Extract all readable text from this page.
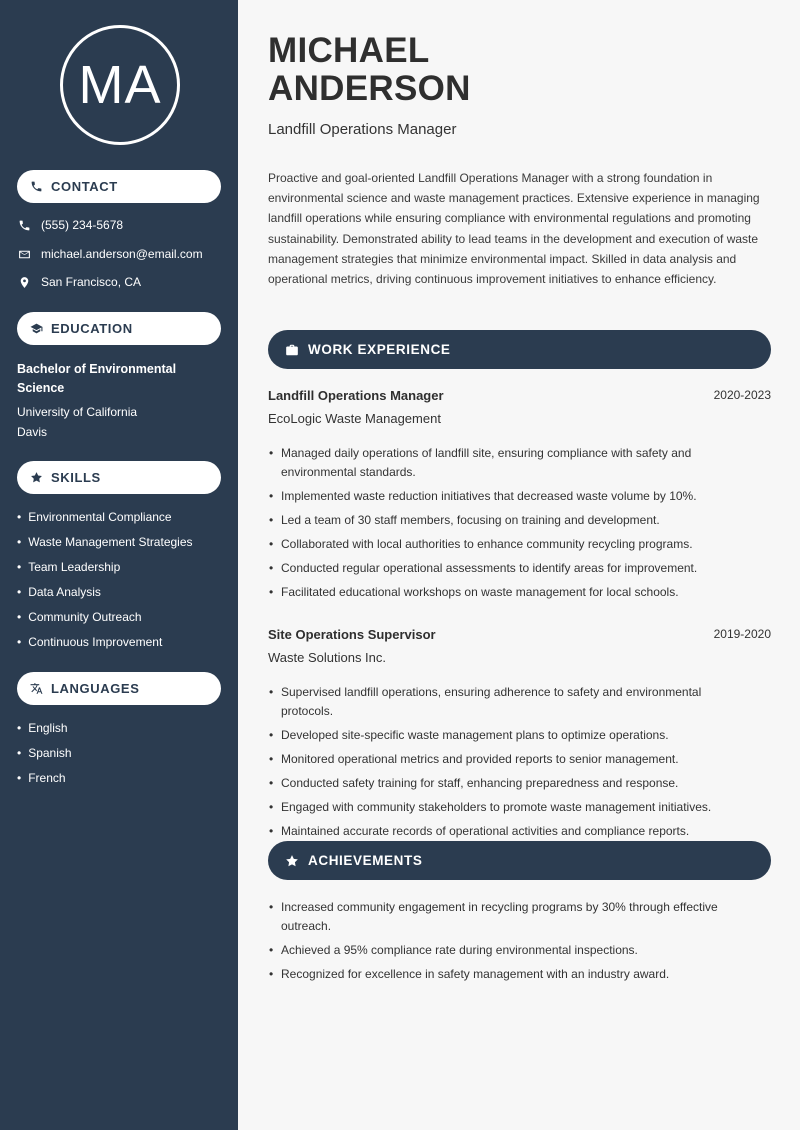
MA
CONTACT
(555) 234-5678
michael.anderson@email.com
San Francisco, CA
EDUCATION
Bachelor of Environmental Science
University of California
Davis
SKILLS
• Environmental Compliance
• Waste Management Strategies
• Team Leadership
• Data Analysis
• Community Outreach
• Continuous Improvement
LANGUAGES
• English
• Spanish
• French
MICHAEL
ANDERSON
Landfill Operations Manager

Proactive and goal-oriented Landfill Operations Manager with a strong foundation in environmental science and waste management practices. Extensive experience in managing landfill operations while ensuring compliance with environmental regulations and promoting sustainability. Demonstrated ability to lead teams in the development and execution of waste management strategies that minimize environmental impact. Skilled in data analysis and operational metrics, driving continuous improvement initiatives to enhance efficiency.

WORK EXPERIENCE
Landfill Operations Manager	2020-2023
EcoLogic Waste Management
• Managed daily operations of landfill site, ensuring compliance with safety and environmental standards.
• Implemented waste reduction initiatives that decreased waste volume by 10%.
• Led a team of 30 staff members, focusing on training and development.
• Collaborated with local authorities to enhance community recycling programs.
• Conducted regular operational assessments to identify areas for improvement.
• Facilitated educational workshops on waste management for local schools.
Site Operations Supervisor	2019-2020
Waste Solutions Inc.
• Supervised landfill operations, ensuring adherence to safety and environmental protocols.
• Developed site-specific waste management plans to optimize operations.
• Monitored operational metrics and provided reports to senior management.
• Conducted safety training for staff, enhancing preparedness and response.
• Engaged with community stakeholders to promote waste management initiatives.
• Maintained accurate records of operational activities and compliance reports.
ACHIEVEMENTS
• Increased community engagement in recycling programs by 30% through effective outreach.
• Achieved a 95% compliance rate during environmental inspections.
• Recognized for excellence in safety management with an industry award.
